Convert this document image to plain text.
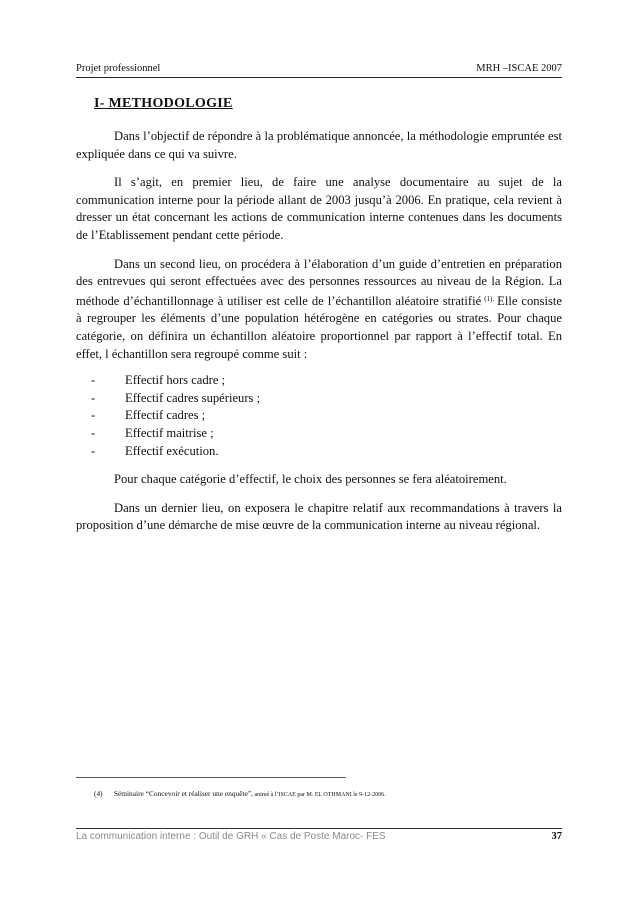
Projet professionnel	MRH –ISCAE 2007
I- METHODOLOGIE

Dans l’objectif de répondre à la problématique annoncée, la méthodologie empruntée est expliquée dans ce qui va suivre.

Il s’agit, en premier lieu, de faire une analyse documentaire au sujet de la communication interne pour la période allant de 2003 jusqu’à 2006. En pratique, cela revient à dresser un état concernant les actions de communication interne contenues dans les documents de l’Etablissement pendant cette période.

Dans un second lieu, on procédera à l’élaboration d’un guide d’entretien en préparation des entrevues qui seront effectuées avec des personnes ressources au niveau de la Région. La méthode d’échantillonnage à utiliser est celle de l’échantillon aléatoire stratifié $^{(1).}$ Elle consiste à regrouper les éléments d’une population hétérogène en catégories ou strates. Pour chaque catégorie, on définira un échantillon aléatoire proportionnel par rapport à l’effectif total. En effet, l échantillon sera regroupé comme suit :

-	Effectif hors cadre ;
-	Effectif cadres supérieurs ;
-	Effectif cadres ;
-	Effectif maitrise ;
-	Effectif exécution.

Pour chaque catégorie d’effectif, le choix des personnes se fera aléatoirement.

Dans un dernier lieu, on exposera le chapitre relatif aux recommandations à travers la proposition d’une démarche de mise œuvre de la communication interne au niveau régional.

(4) Séminaire “Concevoir et réaliser une enquête”, animé à l’ISCAE par M. EL OTHMANI le 9-12-2006.
La communication interne : Outil de GRH « Cas de Poste Maroc- FES	37
